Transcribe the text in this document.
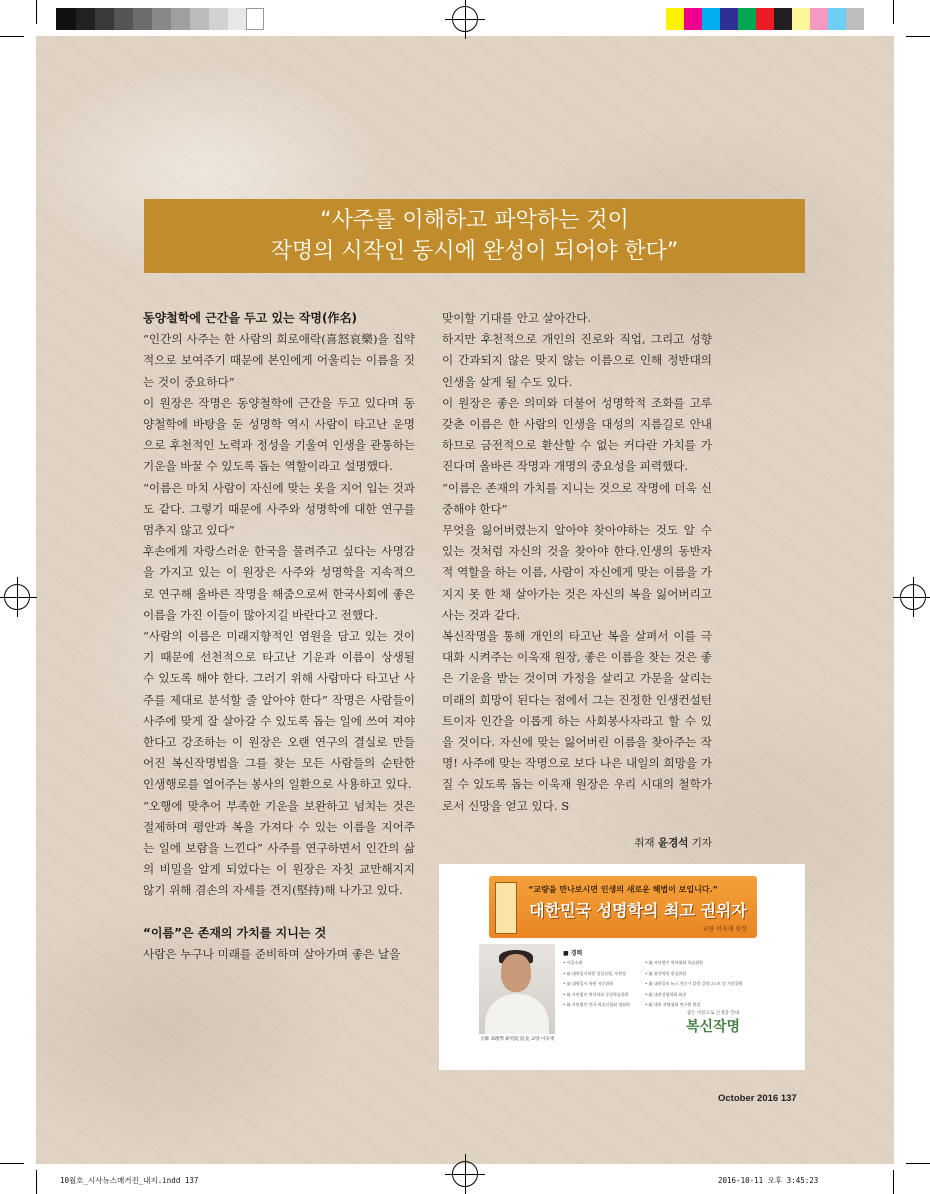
“사주를 이해하고 파악하는 것이
작명의 시작인 동시에 완성이 되어야 한다”

동양철학에 근간을 두고 있는 작명(作名)

“인간의 사주는 한 사람의 희로애락(喜怒哀樂)을 집약적으로 보여주기 때문에 본인에게 어울리는 이름을 짓는 것이 중요하다”

이 원장은 작명은 동양철학에 근간을 두고 있다며 동양철학에 바탕을 둔 성명학 역시 사람이 타고난 운명으로 후천적인 노력과 정성을 기울여 인생을 관통하는 기운을 바꿀 수 있도록 돕는 역할이라고 설명했다.

“이름은 마치 사람이 자신에 맞는 옷을 지어 입는 것과도 같다. 그렇기 때문에 사주와 성명학에 대한 연구를 멈추지 않고 있다”

후손에게 자랑스러운 한국을 물려주고 싶다는 사명감을 가지고 있는 이 원장은 사주와 성명학을 지속적으로 연구해 올바른 작명을 해줌으로써 한국사회에 좋은 이름을 가진 이들이 많아지길 바란다고 전했다.

“사람의 이름은 미래지향적인 염원을 담고 있는 것이기 때문에 선천적으로 타고난 기운과 이름이 상생될 수 있도록 해야 한다. 그러기 위해 사람마다 타고난 사주를 제대로 분석할 줄 알아야 한다” 작명은 사람들이 사주에 맞게 잘 살아갈 수 있도록 돕는 일에 쓰여 져야 한다고 강조하는 이 원장은 오랜 연구의 결실로 만들어진 복신작명법을 그를 찾는 모든 사람들의 순탄한 인생행로를 열어주는 봉사의 일환으로 사용하고 있다.

“오행에 맞추어 부족한 기운을 보완하고 넘치는 것은 절제하며 평안과 복을 가져다 수 있는 이름을 지어주는 일에 보람을 느낀다” 사주를 연구하면서 인간의 삶의 비밀을 알게 되었다는 이 원장은 자칫 교만해지지 않기 위해 겸손의 자세를 견지(堅持)해 나가고 있다.

“이름”은 존재의 가치를 지니는 것

사람은 누구나 미래를 준비하며 살아가며 좋은 날을

맞이할 기대를 안고 살아간다.

하지만 후천적으로 개인의 진로와 직업, 그리고 성향이 간과되지 않은 맞지 않는 이름으로 인해 정반대의 인생을 살게 될 수도 있다.

이 원장은 좋은 의미와 더불어 성명학적 조화를 고루 갖춘 이름은 한 사람의 인생을 대성의 지름길로 안내하므로 금전적으로 환산할 수 없는 커다란 가치를 가진다며 올바른 작명과 개명의 중요성을 피력했다.

“이름은 존재의 가치를 지니는 것으로 작명에 더욱 신중해야 한다”

무엇을 잃어버렸는지 알아야 찾아야하는 것도 알 수 있는 것처럼 자신의 것을 찾아야 한다.인생의 동반자적 역할을 하는 이름, 사람이 자신에게 맞는 이름을 가지지 못 한 채 살아가는 것은 자신의 복을 잃어버리고 사는 것과 같다.

복신작명을 통해 개인의 타고난 복을 살펴서 이를 극대화 시켜주는 이욱재 원장, 좋은 이름을 찾는 것은 좋은 기운을 받는 것이며 가정을 살리고 가문을 살리는 미래의 희망이 된다는 점에서 그는 진정한 인생컨설턴트이자 인간을 이롭게 하는 사회봉사자라고 할 수 있을 것이다. 자신에 맞는 잃어버린 이름을 찾아주는 작명! 사주에 맞는 작명으로 보다 나은 내일의 희망을 가질 수 있도록 돕는 이욱재 원장은 우리 시대의 철학가로서 신망을 얻고 있다. S

취재 윤경석 기자
“교량을 만나보시면 인생의 새로운 해법이 보입니다.”
대한민국 성명학의 최고 권위자
교량 이욱재 원장
大韓 命理學 研究院 院長 교량 이욱재
■ 경력
• 서울소재
• 前 대학입시학원 성실실법, 부원장
• 前 대학입시 학원 지문위원
• 前 사단법인 역의학회 중앙학술위원
• 前 사단법인 한국 역술인협회 정회원
• 現 사단법인 역학협회 학술위원
• 現 월간역학 편집위원
• 現 대한일보 뉴스 전문가 칼럼 칼럼니스트 및 자문위원
• 現 대전성명학회 회장
• 現 대전 작명협회 연구원 원장
좋은 이름으로 인생을 안내
복신작명
October 2016 137
10월호_시사뉴스매거진_내지.indd 137	2016-10-11 오후 3:45:23
